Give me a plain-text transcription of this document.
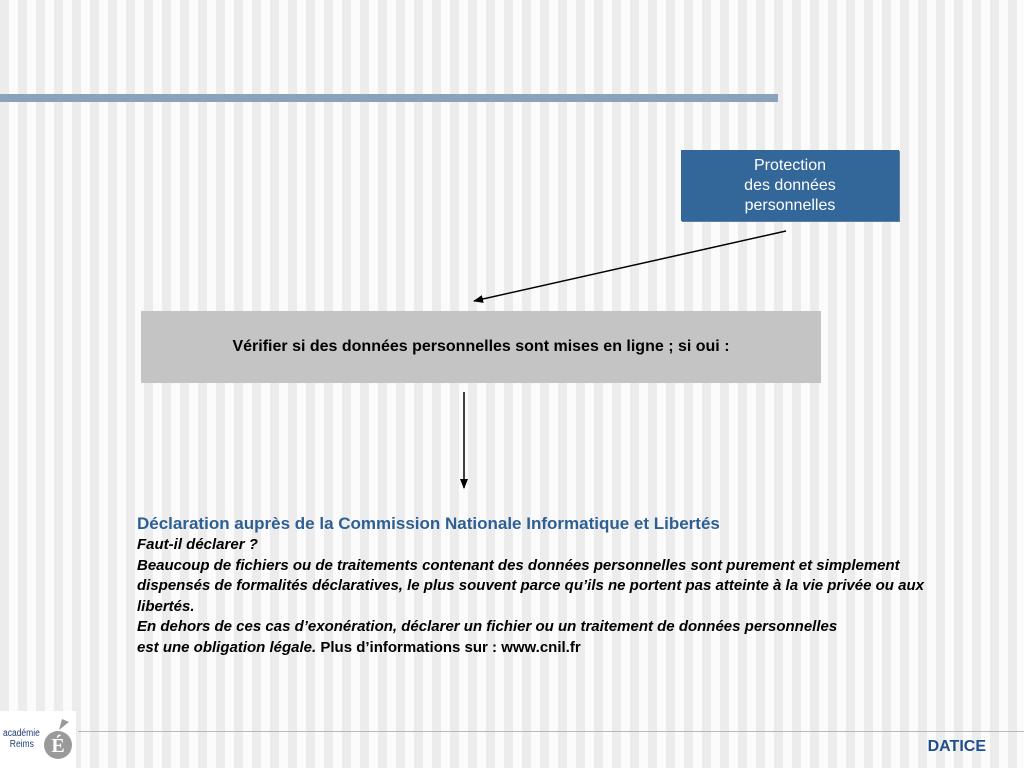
Protection
des données
personnelles
Vérifier si des données personnelles sont mises en ligne ; si oui :
Déclaration auprès de la Commission Nationale Informatique et Libertés
Faut-il déclarer ?
Beaucoup de fichiers ou de traitements contenant des données personnelles sont purement et simplement dispensés de formalités déclaratives, le plus souvent parce qu’ils ne portent pas atteinte à la vie privée ou aux libertés.
En dehors de ces cas d’exonération, déclarer un fichier ou un traitement de données personnelles
est une obligation légale. Plus d’informations sur : www.cnil.fr
académie
Reims É	DATICE
